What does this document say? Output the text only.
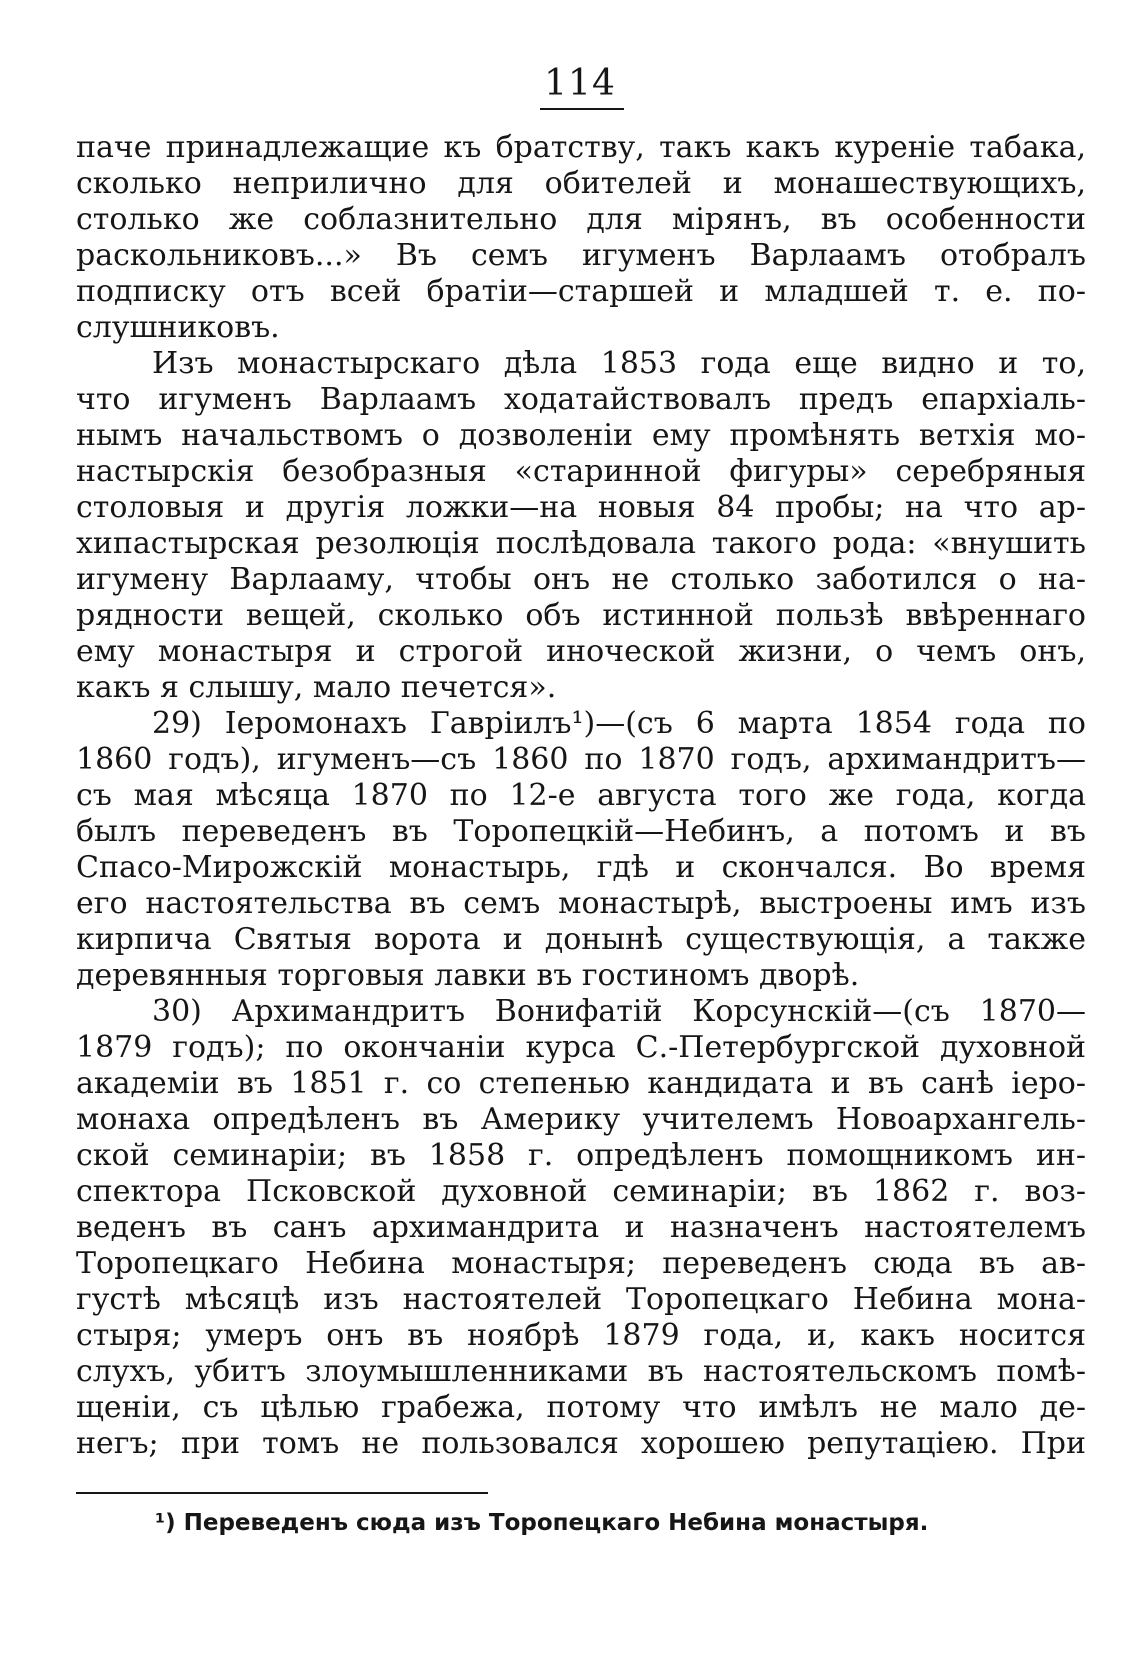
114
паче принадлежащие къ братству, такъ какъ куреніе табака,
сколько неприлично для обителей и монашествующихъ,
столько же соблазнительно для мірянъ, въ особенности
раскольниковъ...» Въ семъ игуменъ Варлаамъ отобралъ
подписку отъ всей братіи—старшей и младшей т. е. по-
слушниковъ.
Изъ монастырскаго дѣла 1853 года еще видно и то,
что игуменъ Варлаамъ ходатайствовалъ предъ епархіаль-
нымъ начальствомъ о дозволеніи ему промѣнять ветхія мо-
настырскія безобразныя «старинной фигуры» серебряныя
столовыя и другія ложки—на новыя 84 пробы; на что ар-
хипастырская резолюція послѣдовала такого рода: «внушить
игумену Варлааму, чтобы онъ не столько заботился о на-
рядности вещей, сколько объ истинной пользѣ ввѣреннаго
ему монастыря и строгой иноческой жизни, о чемъ онъ,
какъ я слышу, мало печется».
29) Іеромонахъ Гавріилъ¹)—(съ 6 марта 1854 года по
1860 годъ), игуменъ—съ 1860 по 1870 годъ, архимандритъ—
съ мая мѣсяца 1870 по 12-е августа того же года, когда
былъ переведенъ въ Торопецкій—Небинъ, а потомъ и въ
Спасо-Мирожскій монастырь, гдѣ и скончался. Во время
его настоятельства въ семъ монастырѣ, выстроены имъ изъ
кирпича Святыя ворота и донынѣ существующія, а также
деревянныя торговыя лавки въ гостиномъ дворѣ.
30) Архимандритъ Вонифатій Корсунскій—(съ 1870—
1879 годъ); по окончаніи курса С.-Петербургской духовной
академіи въ 1851 г. со степенью кандидата и въ санѣ іеро-
монаха опредѣленъ въ Америку учителемъ Новоархангель-
ской семинаріи; въ 1858 г. опредѣленъ помощникомъ ин-
спектора Псковской духовной семинаріи; въ 1862 г. воз-
веденъ въ санъ архимандрита и назначенъ настоятелемъ
Торопецкаго Небина монастыря; переведенъ сюда въ ав-
густѣ мѣсяцѣ изъ настоятелей Торопецкаго Небина мона-
стыря; умеръ онъ въ ноябрѣ 1879 года, и, какъ носится
слухъ, убитъ злоумышленниками въ настоятельскомъ помѣ-
щеніи, съ цѣлью грабежа, потому что имѣлъ не мало де-
негъ; при томъ не пользовался хорошею репутаціею. При
¹) Переведенъ сюда изъ Торопецкаго Небина монастыря.
